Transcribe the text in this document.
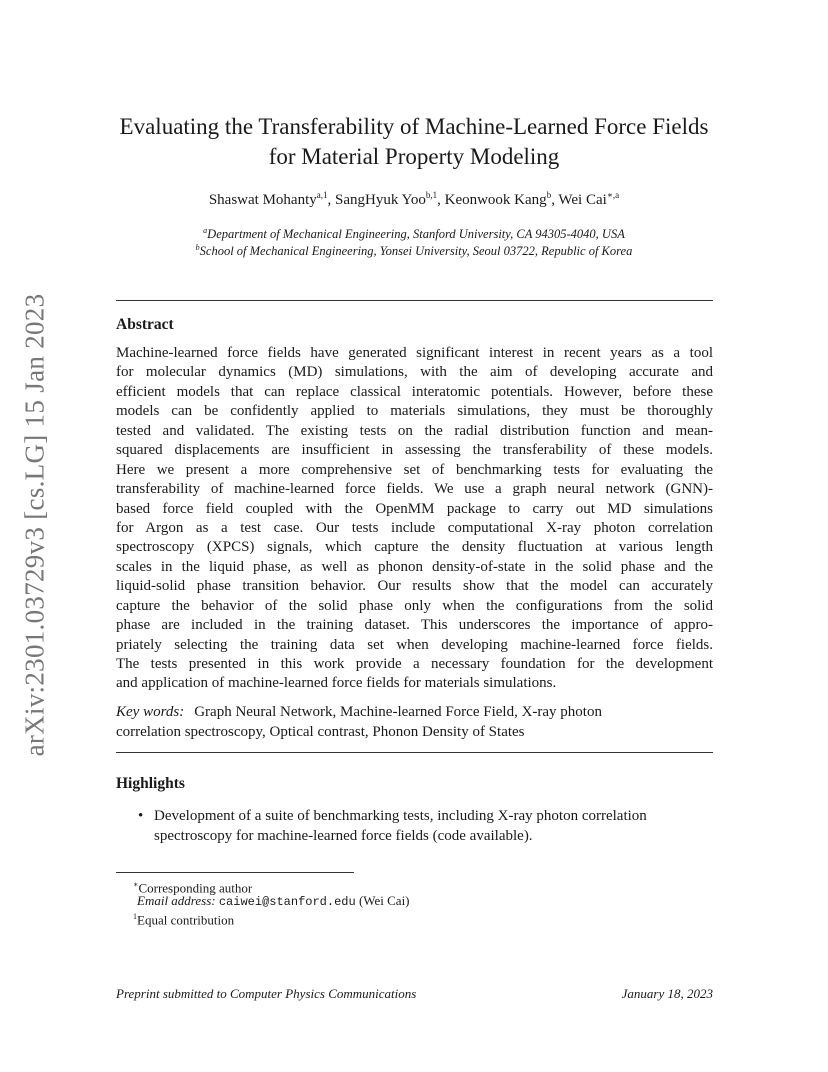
arXiv:2301.03729v3 [cs.LG] 15 Jan 2023
Evaluating the Transferability of Machine-Learned Force Fields
for Material Property Modeling
Shaswat Mohanty$^{a,1}$, SangHyuk Yoo$^{b,1}$, Keonwook Kang$^b$, Wei Cai$^{∗,a}$
$^a$Department of Mechanical Engineering, Stanford University, CA 94305-4040, USA
$^b$School of Mechanical Engineering, Yonsei University, Seoul 03722, Republic of Korea
Abstract
Machine-learned force fields have generated significant interest in recent years as a tool
for molecular dynamics (MD) simulations, with the aim of developing accurate and
efficient models that can replace classical interatomic potentials. However, before these
models can be confidently applied to materials simulations, they must be thoroughly
tested and validated. The existing tests on the radial distribution function and mean-
squared displacements are insufficient in assessing the transferability of these models.
Here we present a more comprehensive set of benchmarking tests for evaluating the
transferability of machine-learned force fields. We use a graph neural network (GNN)-
based force field coupled with the OpenMM package to carry out MD simulations
for Argon as a test case. Our tests include computational X-ray photon correlation
spectroscopy (XPCS) signals, which capture the density fluctuation at various length
scales in the liquid phase, as well as phonon density-of-state in the solid phase and the
liquid-solid phase transition behavior. Our results show that the model can accurately
capture the behavior of the solid phase only when the configurations from the solid
phase are included in the training dataset. This underscores the importance of appro-
priately selecting the training data set when developing machine-learned force fields.
The tests presented in this work provide a necessary foundation for the development
and application of machine-learned force fields for materials simulations.
Key words: Graph Neural Network, Machine-learned Force Field, X-ray photon
correlation spectroscopy, Optical contrast, Phonon Density of States
Highlights
• Development of a suite of benchmarking tests, including X-ray photon correlation
spectroscopy for machine-learned force fields (code available).
∗Corresponding author
Email address: caiwei@stanford.edu (Wei Cai)
$^1$Equal contribution
Preprint submitted to Computer Physics Communications	January 18, 2023
